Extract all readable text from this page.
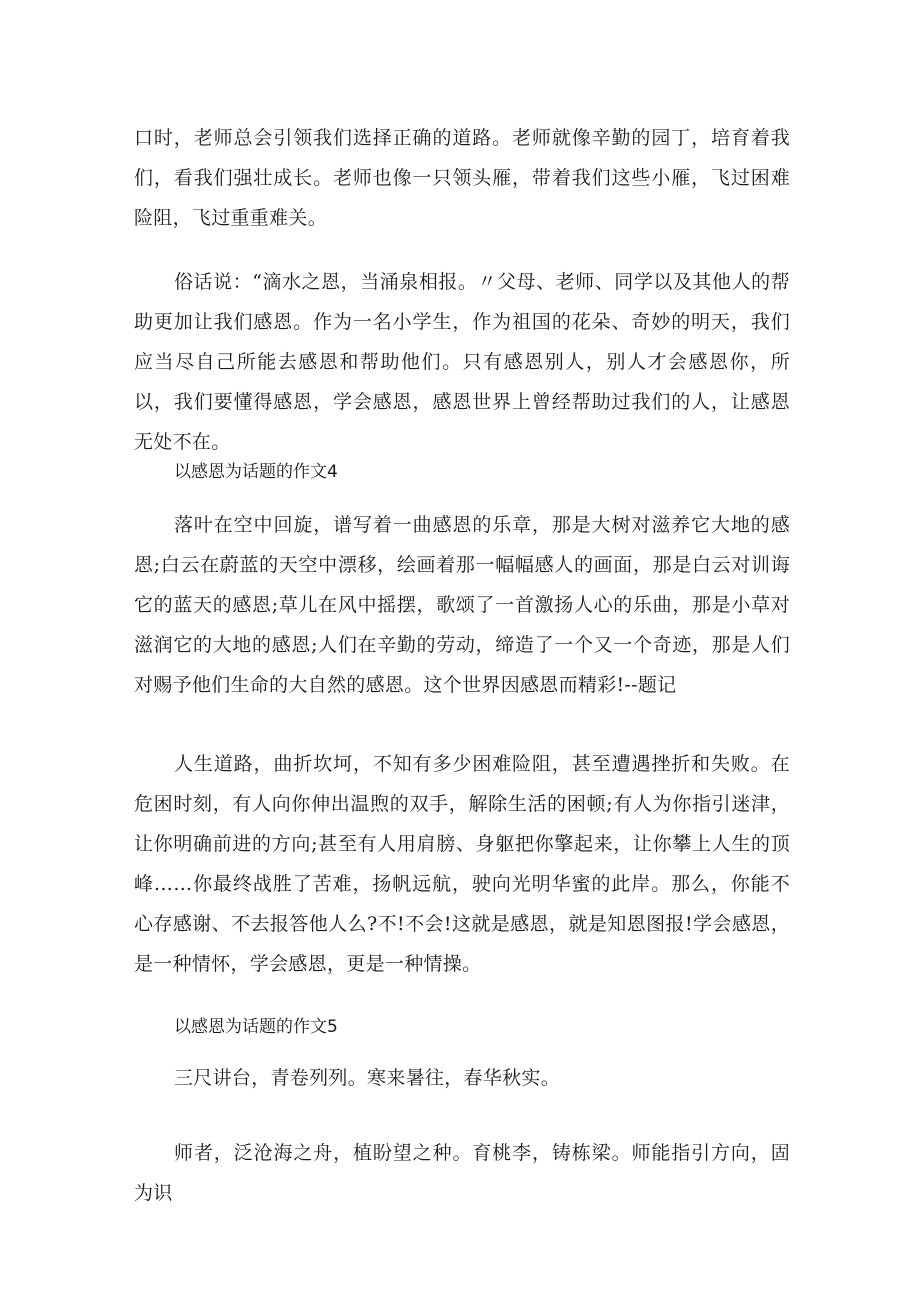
口时，老师总会引领我们选择正确的道路。老师就像辛勤的园丁，培育着我们，看我们强壮成长。老师也像一只领头雁，带着我们这些小雁，飞过困难险阻，飞过重重难关。

俗话说：“滴水之恩，当涌泉相报。〃父母、老师、同学以及其他人的帮助更加让我们感恩。作为一名小学生，作为祖国的花朵、奇妙的明天，我们应当尽自己所能去感恩和帮助他们。只有感恩别人，别人才会感恩你，所以，我们要懂得感恩，学会感恩，感恩世界上曾经帮助过我们的人，让感恩无处不在。

以感恩为话题的作文4

落叶在空中回旋，谱写着一曲感恩的乐章，那是大树对滋养它大地的感恩;白云在蔚蓝的天空中漂移，绘画着那一幅幅感人的画面，那是白云对训诲它的蓝天的感恩;草儿在风中摇摆，歌颂了一首激扬人心的乐曲，那是小草对滋润它的大地的感恩;人们在辛勤的劳动，缔造了一个又一个奇迹，那是人们对赐予他们生命的大自然的感恩。这个世界因感恩而精彩!--题记

人生道路，曲折坎坷，不知有多少困难险阻，甚至遭遇挫折和失败。在危困时刻，有人向你伸出温煦的双手，解除生活的困顿;有人为你指引迷津，让你明确前进的方向;甚至有人用肩膀、身躯把你擎起来，让你攀上人生的顶峰……你最终战胜了苦难，扬帆远航，驶向光明华蜜的此岸。那么，你能不心存感谢、不去报答他人么?不!不会!这就是感恩，就是知恩图报!学会感恩，是一种情怀，学会感恩，更是一种情操。

以感恩为话题的作文5

三尺讲台，青卷列列。寒来暑往，春华秋实。

师者，泛沧海之舟，植盼望之种。育桃李，铸栋梁。师能指引方向，固为识
